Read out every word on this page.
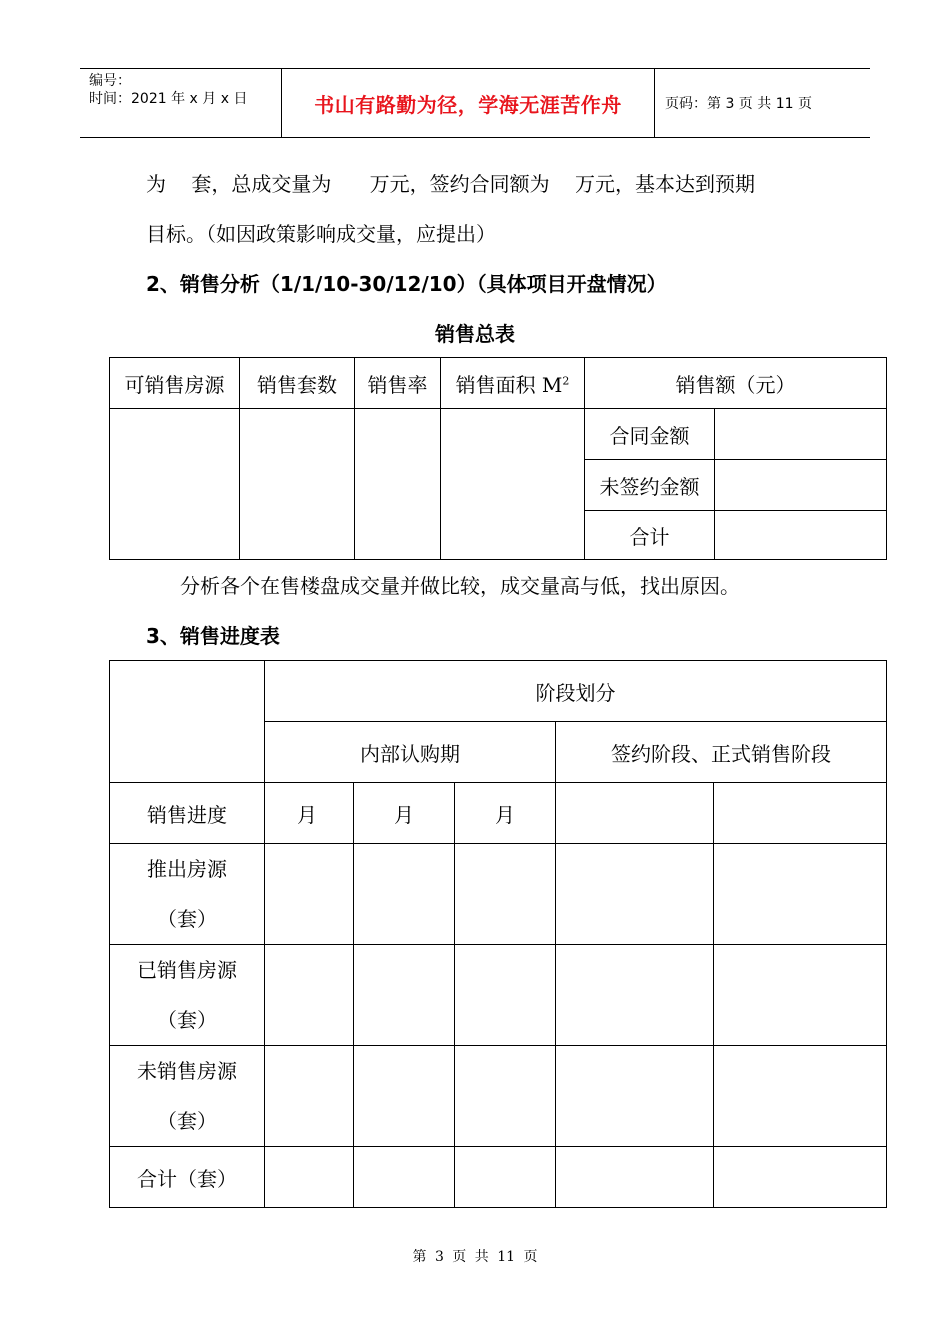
编号：
时间：2021 年 x 月 x 日	书山有路勤为径，学海无涯苦作舟	页码：第 3 页 共 11 页
为    套，总成交量为      万元，签约合同额为    万元，基本达到预期
目标。（如因政策影响成交量，应提出）
2、销售分析（1/1/10-30/12/10）（具体项目开盘情况）
销售总表
可销售房源	销售套数	销售率	销售面积 $M^2$	销售额（元）	
				合同金额	
				未签约金额	
				合计	
分析各个在售楼盘成交量并做比较，成交量高与低，找出原因。
3、销售进度表
	阶段划分				
	内部认购期			签约阶段、正式销售阶段	
销售进度	月	月	月		

推出房源
（套）					

已销售房源
（套）					

未销售房源
（套）					

合计（套）					
第 3 页 共 11 页
